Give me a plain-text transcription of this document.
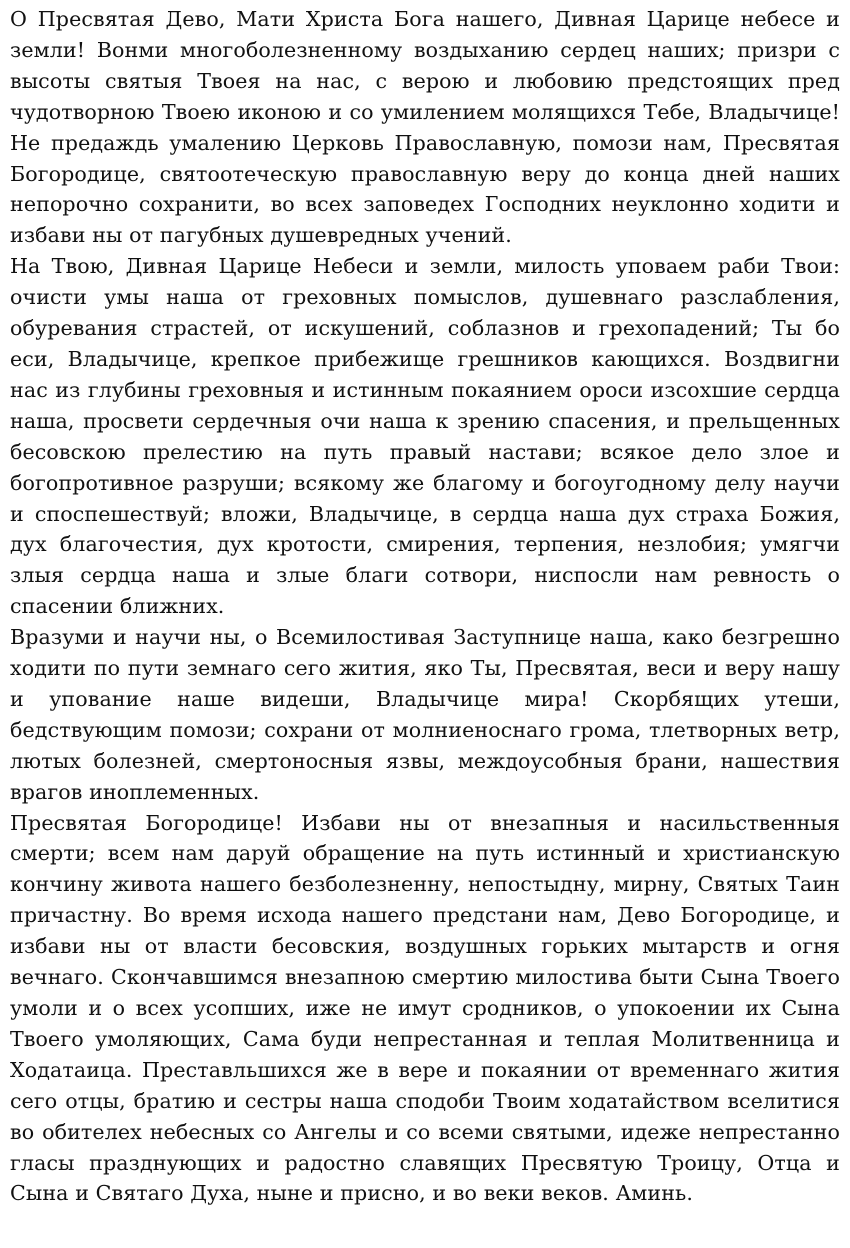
О Пресвятая Дево, Мати Христа Бога нашего, Дивная Царице небесе и земли! Вонми многоболезненному воздыханию сердец наших; призри с высоты святыя Твоея на нас, с верою и любовию предстоящих пред чудотворною Твоею иконою и со умилением молящихся Тебе, Владычице! Не предаждь умалению Церковь Православную, помози нам, Пресвятая Богородице, святоотеческую православную веру до конца дней наших непорочно сохранити, во всех заповедех Господних неуклонно ходити и избави ны от пагубных душевредных учений.

На Твою, Дивная Царице Небеси и земли, милость уповаем раби Твои: очисти умы наша от греховных помыслов, душевнаго разслабления, обуревания страстей, от искушений, соблазнов и грехопадений; Ты бо еси, Владычице, крепкое прибежище грешников кающихся. Воздвигни нас из глубины греховныя и истинным покаянием ороси изсохшие сердца наша, просвети сердечныя очи наша к зрению спасения, и прельщенных бесовскою прелестию на путь правый настави; всякое дело злое и богопротивное разруши; всякому же благому и богоугодному делу научи и споспешествуй; вложи, Владычице, в сердца наша дух страха Божия, дух благочестия, дух кротости, смирения, терпения, незлобия; умягчи злыя сердца наша и злые благи сотвори, ниспосли нам ревность о спасении ближних.

Вразуми и научи ны, о Всемилостивая Заступнице наша, како безгрешно ходити по пути земнаго сего жития, яко Ты, Пресвятая, веси и веру нашу и упование наше видеши, Владычице мира! Скорбящих утеши, бедствующим помози; сохрани от молниеноснаго грома, тлетворных ветр, лютых болезней, смертоносныя язвы, междоусобныя брани, нашествия врагов иноплеменных.

Пресвятая Богородице! Избави ны от внезапныя и насильственныя смерти; всем нам даруй обращение на путь истинный и христианскую кончину живота нашего безболезненну, непостыдну, мирну, Святых Таин причастну. Во время исхода нашего предстани нам, Дево Богородице, и избави ны от власти бесовския, воздушных горьких мытарств и огня вечнаго. Скончавшимся внезапною смертию милостива быти Сына Твоего умоли и о всех усопших, иже не имут сродников, о упокоении их Сына Твоего умоляющих, Сама буди непрестанная и теплая Молитвенница и Ходатаица. Преставльшихся же в вере и покаянии от временнаго жития сего отцы, братию и сестры наша сподоби Твоим ходатайством вселитися во обителех небесных со Ангелы и со всеми святыми, идеже непрестанно гласы празднующих и радостно славящих Пресвятую Троицу, Отца и Сына и Святаго Духа, ныне и присно, и во веки веков. Аминь.
